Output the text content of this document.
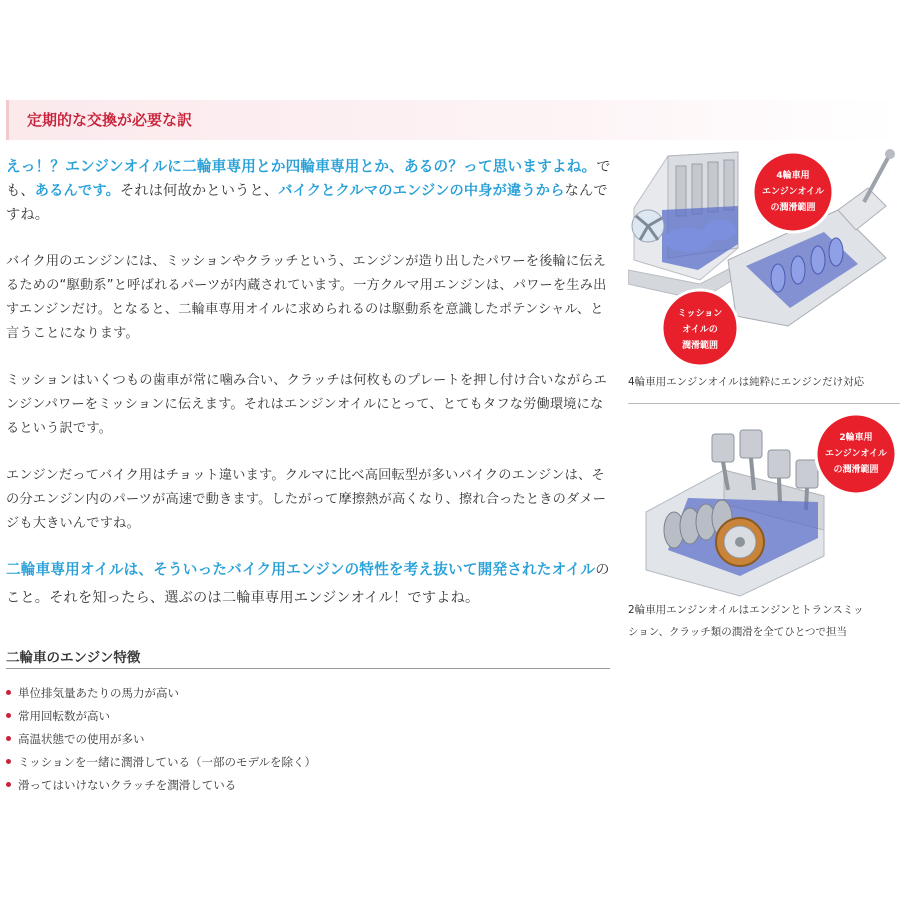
定期的な交換が必要な訳

えっ！？エンジンオイルに二輪車専用とか四輪車専用とか、あるの？って思いますよね。でも、あるんです。それは何故かというと、バイクとクルマのエンジンの中身が違うからなんですね。

バイク用のエンジンには、ミッションやクラッチという、エンジンが造り出したパワーを後輪に伝えるための“駆動系”と呼ばれるパーツが内蔵されています。一方クルマ用エンジンは、パワーを生み出すエンジンだけ。となると、二輪車専用オイルに求められるのは駆動系を意識したポテンシャル、と言うことになります。

ミッションはいくつもの歯車が常に噛み合い、クラッチは何枚ものプレートを押し付け合いながらエンジンパワーをミッションに伝えます。それはエンジンオイルにとって、とてもタフな労働環境になるという訳です。

エンジンだってバイク用はチョット違います。クルマに比べ高回転型が多いバイクのエンジンは、その分エンジン内のパーツが高速で動きます。したがって摩擦熱が高くなり、擦れ合ったときのダメージも大きいんですね。

二輪車専用オイルは、そういったバイク用エンジンの特性を考え抜いて開発されたオイルのこと。それを知ったら、選ぶのは二輪車専用エンジンオイル！ですよね。

二輪車のエンジン特徴
単位排気量あたりの馬力が高い
常用回転数が高い
高温状態での使用が多い
ミッションを一緒に潤滑している（一部のモデルを除く）
滑ってはいけないクラッチを潤滑している
4輪車用
エンジンオイル
の潤滑範囲
ミッション
オイルの
潤滑範囲
4輪車用エンジンオイルは純粋にエンジンだけ対応
2輪車用
エンジンオイル
の潤滑範囲
2輪車用エンジンオイルはエンジンとトランスミッ
ション、クラッチ類の潤滑を全てひとつで担当
